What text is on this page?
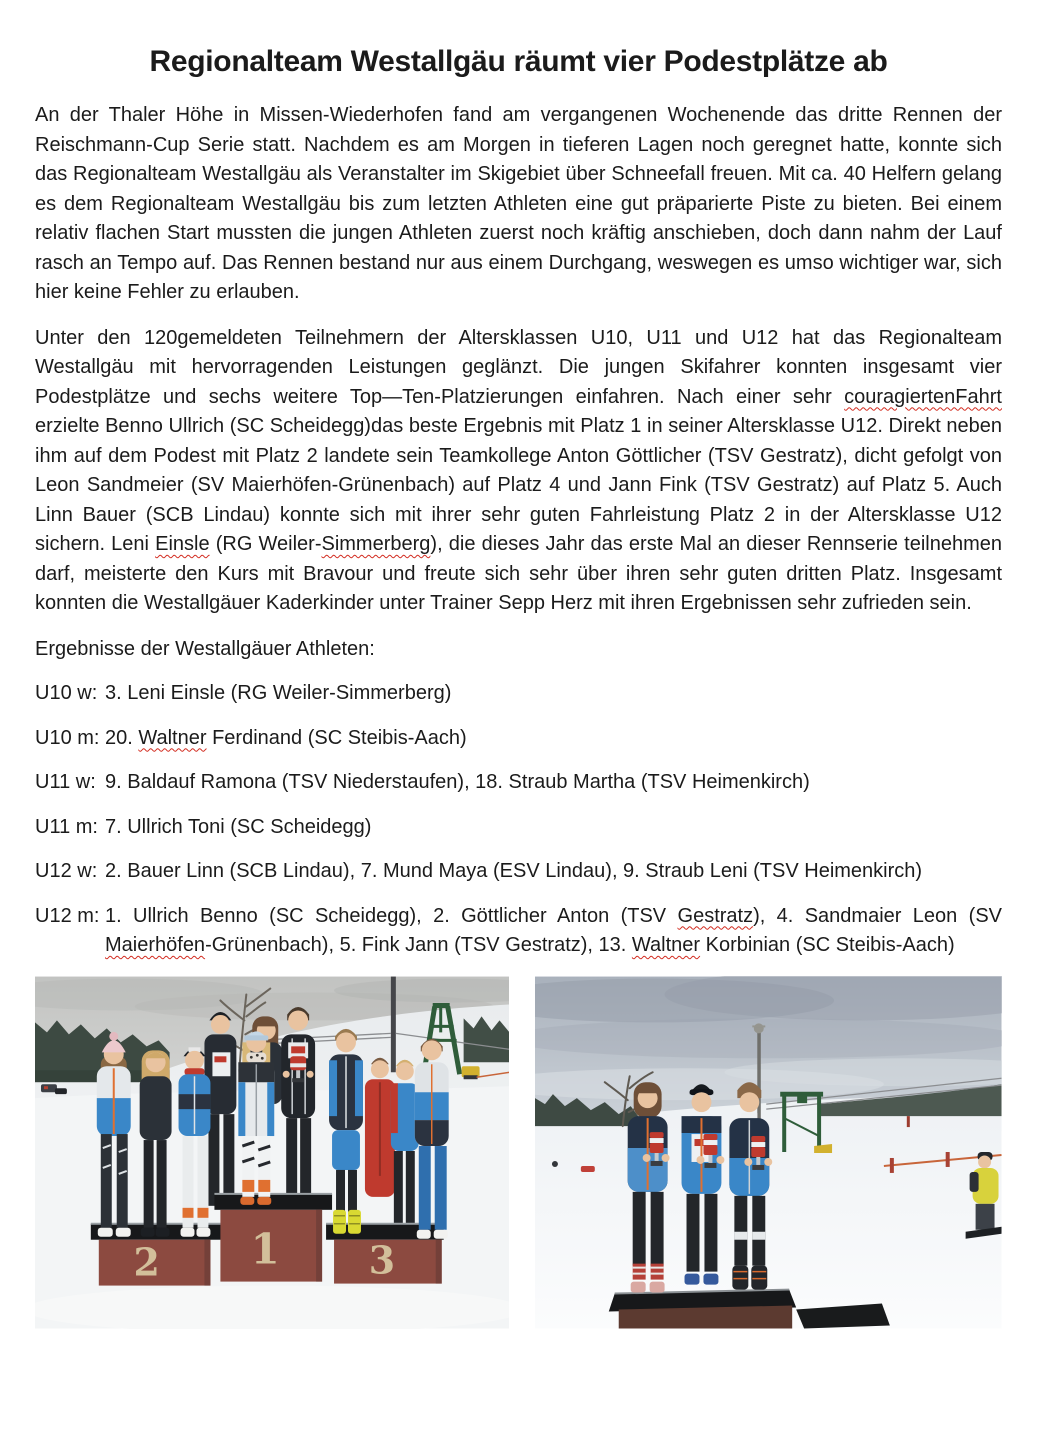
Regionalteam Westallgäu räumt vier Podestplätze ab

An der Thaler Höhe in Missen-Wiederhofen fand am vergangenen Wochenende das dritte Rennen der Reischmann-Cup Serie statt. Nachdem es am Morgen in tieferen Lagen noch geregnet hatte, konnte sich das Regionalteam Westallgäu als Veranstalter im Skigebiet über Schneefall freuen. Mit ca. 40 Helfern gelang es dem Regionalteam Westallgäu bis zum letzten Athleten eine gut präparierte Piste zu bieten. Bei einem relativ flachen Start mussten die jungen Athleten zuerst noch kräftig anschieben, doch dann nahm der Lauf rasch an Tempo auf. Das Rennen bestand nur aus einem Durchgang, weswegen es umso wichtiger war, sich hier keine Fehler zu erlauben.

Unter den 120gemeldeten Teilnehmern der Altersklassen U10, U11 und U12 hat das Regionalteam Westallgäu mit hervorragenden Leistungen geglänzt. Die jungen Skifahrer konnten insgesamt vier Podestplätze und sechs weitere Top—Ten-Platzierungen einfahren. Nach einer sehr couragiertenFahrt erzielte Benno Ullrich (SC Scheidegg)das beste Ergebnis mit Platz 1 in seiner Altersklasse U12. Direkt neben ihm auf dem Podest mit Platz 2 landete sein Teamkollege Anton Göttlicher (TSV Gestratz), dicht gefolgt von Leon Sandmeier (SV Maierhöfen-Grünenbach) auf Platz 4 und Jann Fink (TSV Gestratz) auf Platz 5. Auch Linn Bauer (SCB Lindau) konnte sich mit ihrer sehr guten Fahrleistung Platz 2 in der Altersklasse U12 sichern. Leni Einsle (RG Weiler-Simmerberg), die dieses Jahr das erste Mal an dieser Rennserie teilnehmen darf, meisterte den Kurs mit Bravour und freute sich sehr über ihren sehr guten dritten Platz. Insgesamt konnten die Westallgäuer Kaderkinder unter Trainer Sepp Herz mit ihren Ergebnissen sehr zufrieden sein.

Ergebnisse der Westallgäuer Athleten:

U10 w: 3. Leni Einsle (RG Weiler-Simmerberg)
U10 m: 20. Waltner Ferdinand (SC Steibis-Aach)
U11 w: 9. Baldauf Ramona (TSV Niederstaufen), 18. Straub Martha (TSV Heimenkirch)
U11 m: 7. Ullrich Toni (SC Scheidegg)
U12 w: 2. Bauer Linn (SCB Lindau), 7. Mund Maya (ESV Lindau), 9. Straub Leni (TSV Heimenkirch)
U12 m: 1. Ullrich Benno (SC Scheidegg), 2. Göttlicher Anton (TSV Gestratz), 4. Sandmaier Leon (SV Maierhöfen-Grünenbach), 5. Fink Jann (TSV Gestratz), 13. Waltner Korbinian (SC Steibis-Aach)
2 1 3
